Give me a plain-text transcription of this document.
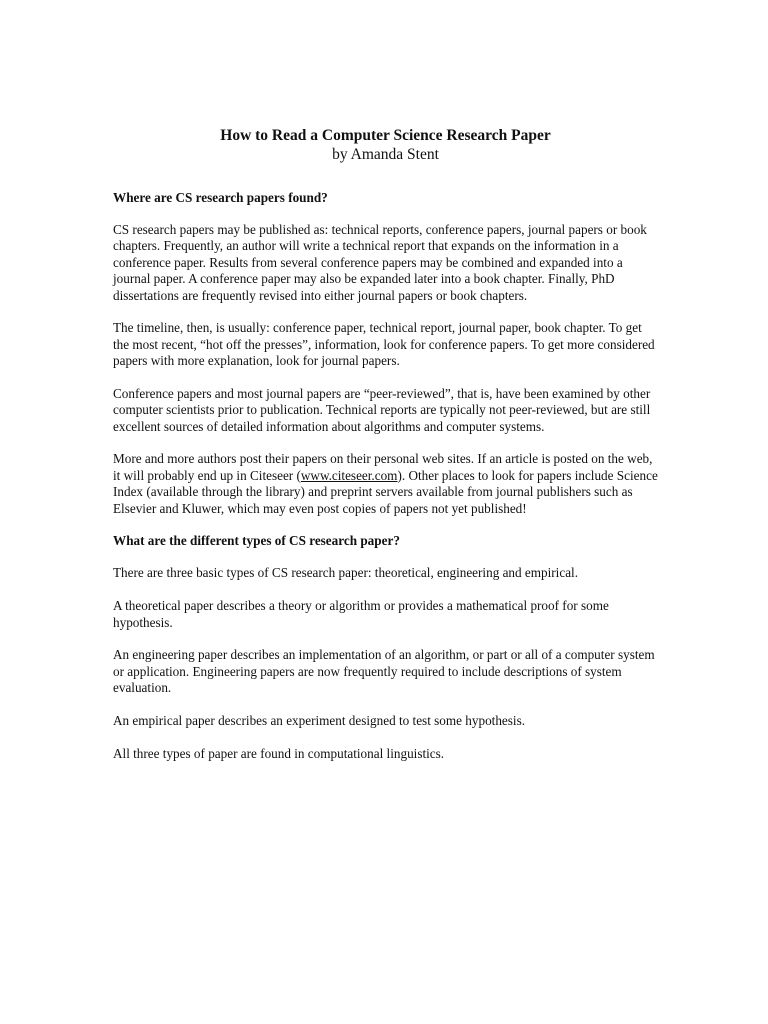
How to Read a Computer Science Research Paper

by Amanda Stent

Where are CS research papers found?

CS research papers may be published as: technical reports, conference papers, journal papers or book chapters. Frequently, an author will write a technical report that expands on the information in a conference paper. Results from several conference papers may be combined and expanded into a journal paper. A conference paper may also be expanded later into a book chapter. Finally, PhD dissertations are frequently revised into either journal papers or book chapters.

The timeline, then, is usually: conference paper, technical report, journal paper, book chapter. To get the most recent, “hot off the presses”, information, look for conference papers. To get more considered papers with more explanation, look for journal papers.

Conference papers and most journal papers are “peer-reviewed”, that is, have been examined by other computer scientists prior to publication. Technical reports are typically not peer-reviewed, but are still excellent sources of detailed information about algorithms and computer systems.

More and more authors post their papers on their personal web sites. If an article is posted on the web, it will probably end up in Citeseer (www.citeseer.com). Other places to look for papers include Science Index (available through the library) and preprint servers available from journal publishers such as Elsevier and Kluwer, which may even post copies of papers not yet published!

What are the different types of CS research paper?

There are three basic types of CS research paper: theoretical, engineering and empirical.

A theoretical paper describes a theory or algorithm or provides a mathematical proof for some hypothesis.

An engineering paper describes an implementation of an algorithm, or part or all of a computer system or application. Engineering papers are now frequently required to include descriptions of system evaluation.

An empirical paper describes an experiment designed to test some hypothesis.

All three types of paper are found in computational linguistics.
